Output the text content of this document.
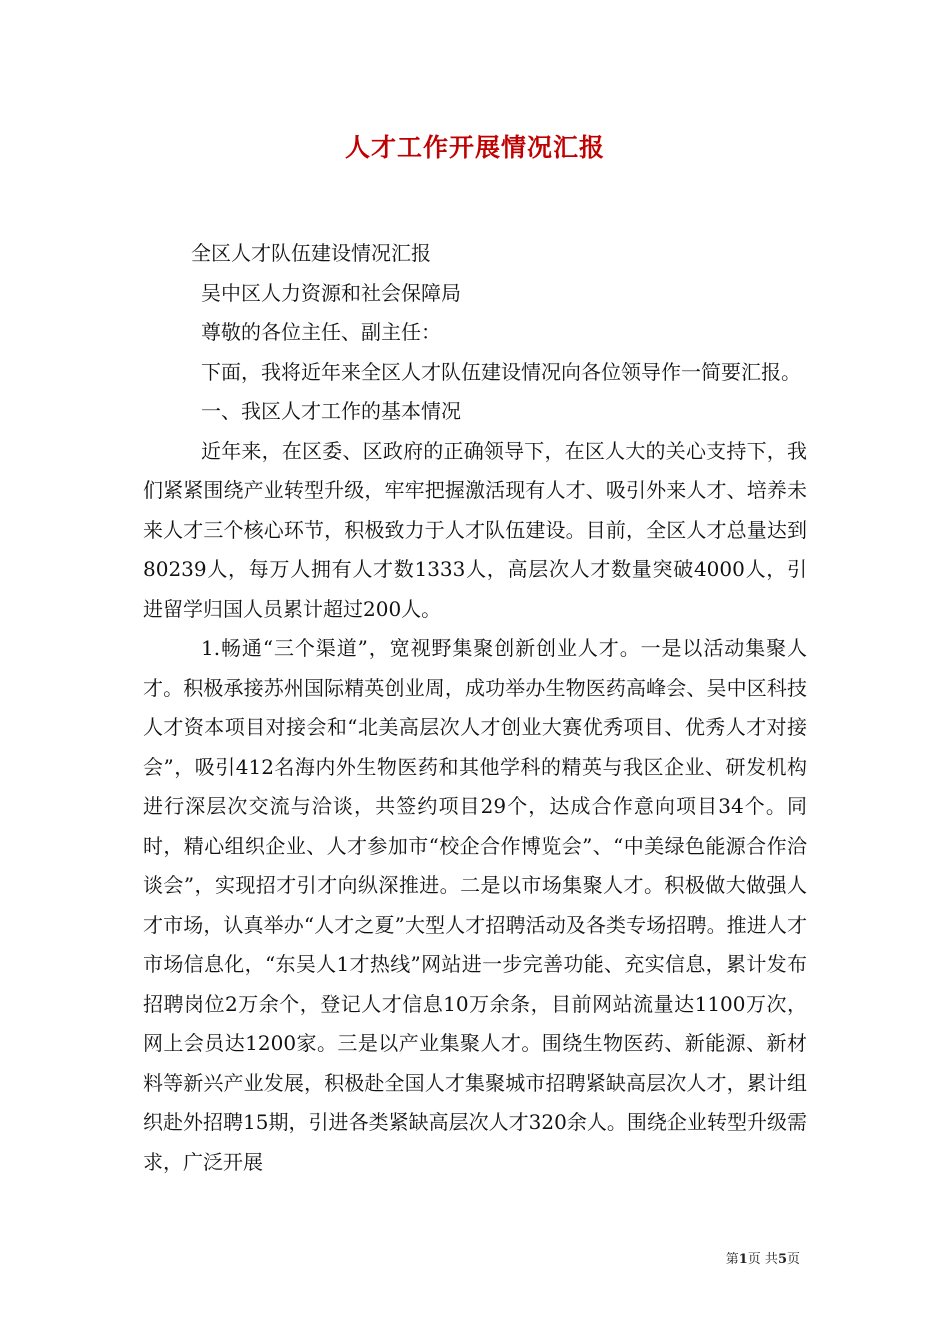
人才工作开展情况汇报

全区人才队伍建设情况汇报

吴中区人力资源和社会保障局

尊敬的各位主任、副主任：

下面，我将近年来全区人才队伍建设情况向各位领导作一简要汇报。

一、我区人才工作的基本情况

近年来，在区委、区政府的正确领导下，在区人大的关心支持下，我们紧紧围绕产业转型升级，牢牢把握激活现有人才、吸引外来人才、培养未来人才三个核心环节，积极致力于人才队伍建设。目前，全区人才总量达到80239人，每万人拥有人才数1333人，高层次人才数量突破4000人，引进留学归国人员累计超过200人。

1.畅通“三个渠道”，宽视野集聚创新创业人才。一是以活动集聚人才。积极承接苏州国际精英创业周，成功举办生物医药高峰会、吴中区科技人才资本项目对接会和“北美高层次人才创业大赛优秀项目、优秀人才对接会”，吸引412名海内外生物医药和其他学科的精英与我区企业、研发机构进行深层次交流与洽谈，共签约项目29个，达成合作意向项目34个。同时，精心组织企业、人才参加市“校企合作博览会”、“中美绿色能源合作洽谈会”，实现招才引才向纵深推进。二是以市场集聚人才。积极做大做强人才市场，认真举办“人才之夏”大型人才招聘活动及各类专场招聘。推进人才市场信息化，“东吴人1才热线”网站进一步完善功能、充实信息，累计发布招聘岗位2万余个，登记人才信息10万余条，目前网站流量达1100万次，网上会员达1200家。三是以产业集聚人才。围绕生物医药、新能源、新材料等新兴产业发展，积极赴全国人才集聚城市招聘紧缺高层次人才，累计组织赴外招聘15期，引进各类紧缺高层次人才320余人。围绕企业转型升级需求，广泛开展

第1页 共5页
